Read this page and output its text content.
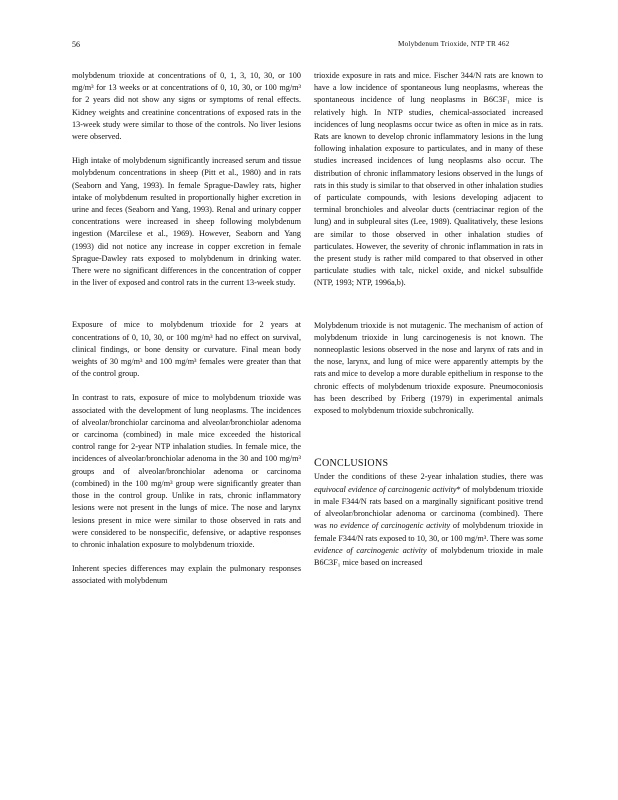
56	Molybdenum Trioxide, NTP TR 462

molybdenum trioxide at concentrations of 0, 1, 3, 10, 30, or 100 mg/m³ for 13 weeks or at concentrations of 0, 10, 30, or 100 mg/m³ for 2 years did not show any signs or symptoms of renal effects. Kidney weights and creatinine concentrations of exposed rats in the 13-week study were similar to those of the controls. No liver lesions were observed.

High intake of molybdenum significantly increased serum and tissue molybdenum concentrations in sheep (Pitt et al., 1980) and in rats (Seaborn and Yang, 1993). In female Sprague-Dawley rats, higher intake of molybdenum resulted in proportionally higher excretion in urine and feces (Seaborn and Yang, 1993). Renal and urinary copper concentrations were increased in sheep following molybdenum ingestion (Marcilese et al., 1969). However, Seaborn and Yang (1993) did not notice any increase in copper excretion in female Sprague-Dawley rats exposed to molybdenum in drinking water. There were no significant differences in the concentration of copper in the liver of exposed and control rats in the current 13-week study.

Exposure of mice to molybdenum trioxide for 2 years at concentrations of 0, 10, 30, or 100 mg/m³ had no effect on survival, clinical findings, or bone density or curvature. Final mean body weights of 30 mg/m³ and 100 mg/m³ females were greater than that of the control group.

In contrast to rats, exposure of mice to molybdenum trioxide was associated with the development of lung neoplasms. The incidences of alveolar/bronchiolar carcinoma and alveolar/bronchiolar adenoma or carcinoma (combined) in male mice exceeded the historical control range for 2-year NTP inhalation studies. In female mice, the incidences of alveolar/bronchiolar adenoma in the 30 and 100 mg/m³ groups and of alveolar/bronchiolar adenoma or carcinoma (combined) in the 100 mg/m³ group were significantly greater than those in the control group. Unlike in rats, chronic inflammatory lesions were not present in the lungs of mice. The nose and larynx lesions present in mice were similar to those observed in rats and were considered to be nonspecific, defensive, or adaptive responses to chronic inhalation exposure to molybdenum trioxide.

Inherent species differences may explain the pulmonary responses associated with molybdenum

trioxide exposure in rats and mice. Fischer 344/N rats are known to have a low incidence of spontaneous lung neoplasms, whereas the spontaneous incidence of lung neoplasms in B6C3F₁ mice is relatively high. In NTP studies, chemical-associated increased incidences of lung neoplasms occur twice as often in mice as in rats. Rats are known to develop chronic inflammatory lesions in the lung following inhalation exposure to particulates, and in many of these studies increased incidences of lung neoplasms also occur. The distribution of chronic inflammatory lesions observed in the lungs of rats in this study is similar to that observed in other inhalation studies of particulate compounds, with lesions developing adjacent to terminal bronchioles and alveolar ducts (centriacinar region of the lung) and in subpleural sites (Lee, 1989). Qualitatively, these lesions are similar to those observed in other inhalation studies of particulates. However, the severity of chronic inflammation in rats in the present study is rather mild compared to that observed in other particulate studies with talc, nickel oxide, and nickel subsulfide (NTP, 1993; NTP, 1996a,b).

Molybdenum trioxide is not mutagenic. The mechanism of action of molybdenum trioxide in lung carcinogenesis is not known. The nonneoplastic lesions observed in the nose and larynx of rats and in the nose, larynx, and lung of mice were apparently attempts by the rats and mice to develop a more durable epithelium in response to the chronic effects of molybdenum trioxide exposure. Pneumoconiosis has been described by Friberg (1979) in experimental animals exposed to molybdenum trioxide subchronically.

CONCLUSIONS

Under the conditions of these 2-year inhalation studies, there was equivocal evidence of carcinogenic activity* of molybdenum trioxide in male F344/N rats based on a marginally significant positive trend of alveolar/bronchiolar adenoma or carcinoma (combined). There was no evidence of carcinogenic activity of molybdenum trioxide in female F344/N rats exposed to 10, 30, or 100 mg/m³. There was some evidence of carcinogenic activity of molybdenum trioxide in male B6C3F₁ mice based on increased
